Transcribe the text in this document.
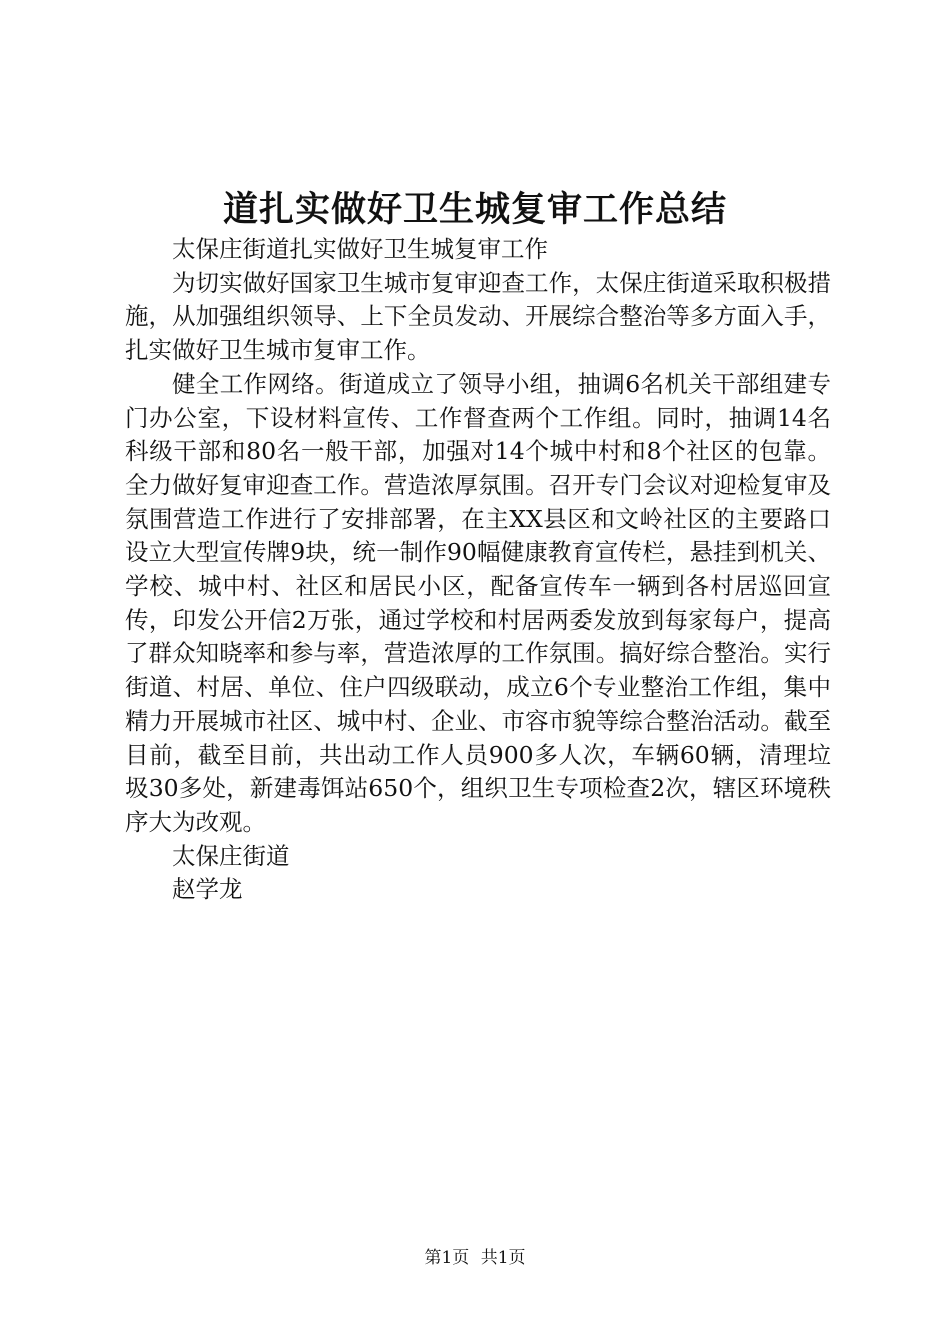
道扎实做好卫生城复审工作总结

太保庄街道扎实做好卫生城复审工作

为切实做好国家卫生城市复审迎查工作，太保庄街道采取积极措施，从加强组织领导、上下全员发动、开展综合整治等多方面入手，扎实做好卫生城市复审工作。

健全工作网络。街道成立了领导小组，抽调6名机关干部组建专门办公室，下设材料宣传、工作督查两个工作组。同时，抽调14名科级干部和80名一般干部，加强对14个城中村和8个社区的包靠。全力做好复审迎查工作。营造浓厚氛围。召开专门会议对迎检复审及氛围营造工作进行了安排部署，在主XX县区和文岭社区的主要路口设立大型宣传牌9块，统一制作90幅健康教育宣传栏，悬挂到机关、学校、城中村、社区和居民小区，配备宣传车一辆到各村居巡回宣传，印发公开信2万张，通过学校和村居两委发放到每家每户，提高了群众知晓率和参与率，营造浓厚的工作氛围。搞好综合整治。实行街道、村居、单位、住户四级联动，成立6个专业整治工作组，集中精力开展城市社区、城中村、企业、市容市貌等综合整治活动。截至目前，截至目前，共出动工作人员900多人次，车辆60辆，清理垃圾30多处，新建毒饵站650个，组织卫生专项检查2次，辖区环境秩序大为改观。

太保庄街道

赵学龙

第1页 共1页
